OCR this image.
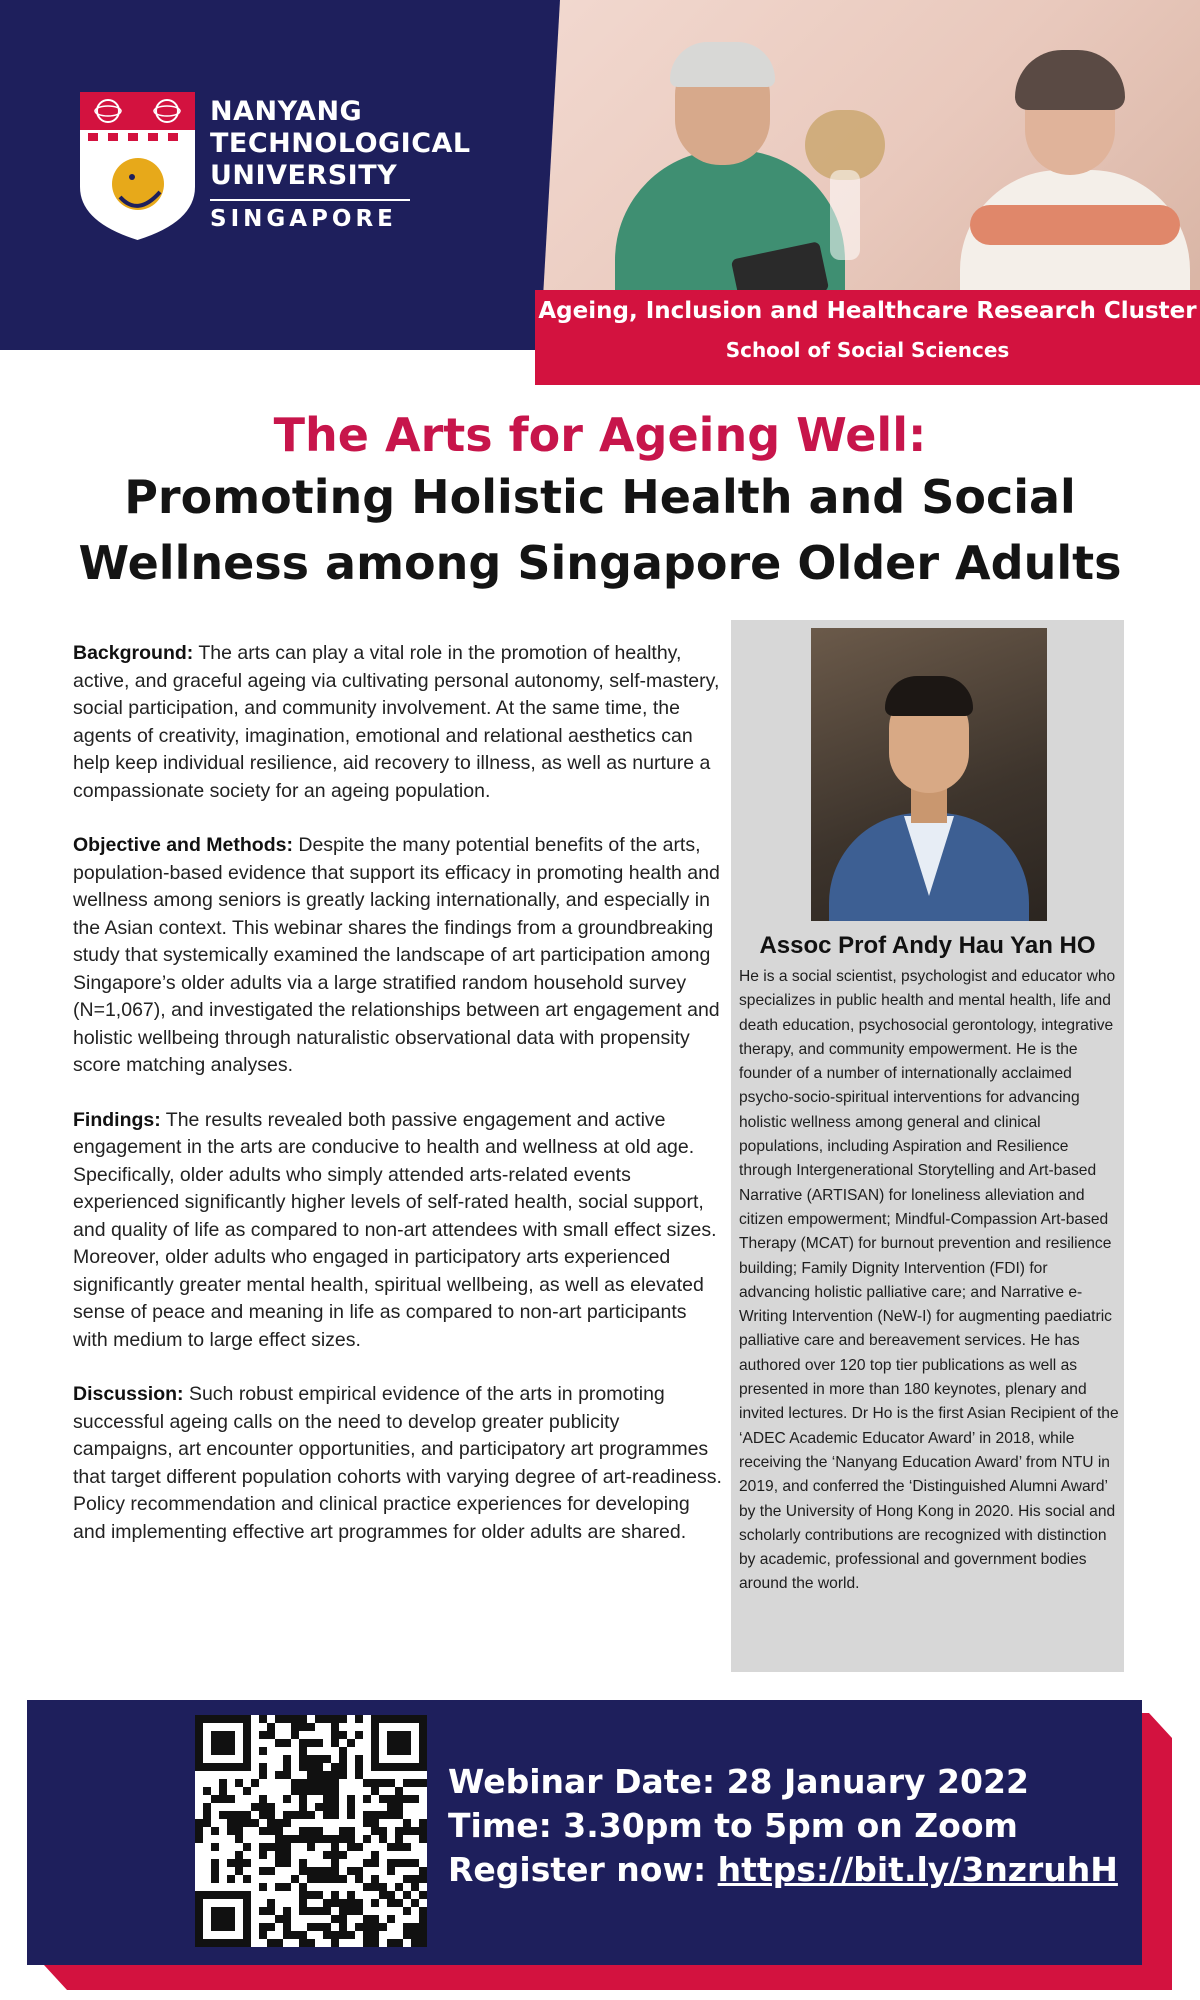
NANYANG
TECHNOLOGICAL
UNIVERSITY
SINGAPORE
Ageing, Inclusion and Healthcare Research Cluster
School of Social Sciences
The Arts for Ageing Well:
Promoting Holistic Health and Social
Wellness among Singapore Older Adults

Background: The arts can play a vital role in the promotion of healthy, active, and graceful ageing via cultivating personal autonomy, self-mastery, social participation, and community involvement. At the same time, the agents of creativity, imagination, emotional and relational aesthetics can help keep individual resilience, aid recovery to illness, as well as nurture a compassionate society for an ageing population.

Objective and Methods: Despite the many potential benefits of the arts, population-based evidence that support its efficacy in promoting health and wellness among seniors is greatly lacking internationally, and especially in the Asian context. This webinar shares the findings from a groundbreaking study that systemically examined the landscape of art participation among Singapore’s older adults via a large stratified random household survey (N=1,067), and investigated the relationships between art engagement and holistic wellbeing through naturalistic observational data with propensity score matching analyses.

Findings: The results revealed both passive engagement and active engagement in the arts are conducive to health and wellness at old age. Specifically, older adults who simply attended arts-related events experienced significantly higher levels of self-rated health, social support, and quality of life as compared to non-art attendees with small effect sizes. Moreover, older adults who engaged in participatory arts experienced significantly greater mental health, spiritual wellbeing, as well as elevated sense of peace and meaning in life as compared to non-art participants with medium to large effect sizes.

Discussion: Such robust empirical evidence of the arts in promoting successful ageing calls on the need to develop greater publicity campaigns, art encounter opportunities, and participatory art programmes that target different population cohorts with varying degree of art-readiness. Policy recommendation and clinical practice experiences for developing and implementing effective art programmes for older adults are shared.

Assoc Prof Andy Hau Yan HO
He is a social scientist, psychologist and educator who specializes in public health and mental health, life and death education, psychosocial gerontology, integrative therapy, and community empowerment. He is the founder of a number of internationally acclaimed psycho-socio-spiritual interventions for advancing holistic wellness among general and clinical populations, including Aspiration and Resilience through Intergenerational Storytelling and Art-based Narrative (ARTISAN) for loneliness alleviation and citizen empowerment; Mindful-Compassion Art-based Therapy (MCAT) for burnout prevention and resilience building; Family Dignity Intervention (FDI) for advancing holistic palliative care; and Narrative e-Writing Intervention (NeW-I) for augmenting paediatric palliative care and bereavement services. He has authored over 120 top tier publications as well as presented in more than 180 keynotes, plenary and invited lectures. Dr Ho is the first Asian Recipient of the ‘ADEC Academic Educator Award’ in 2018, while receiving the ‘Nanyang Education Award’ from NTU in 2019, and conferred the ‘Distinguished Alumni Award’ by the University of Hong Kong in 2020. His social and scholarly contributions are recognized with distinction by academic, professional and government bodies around the world.
Webinar Date: 28 January 2022
Time: 3.30pm to 5pm on Zoom
Register now: https://bit.ly/3nzruhH
